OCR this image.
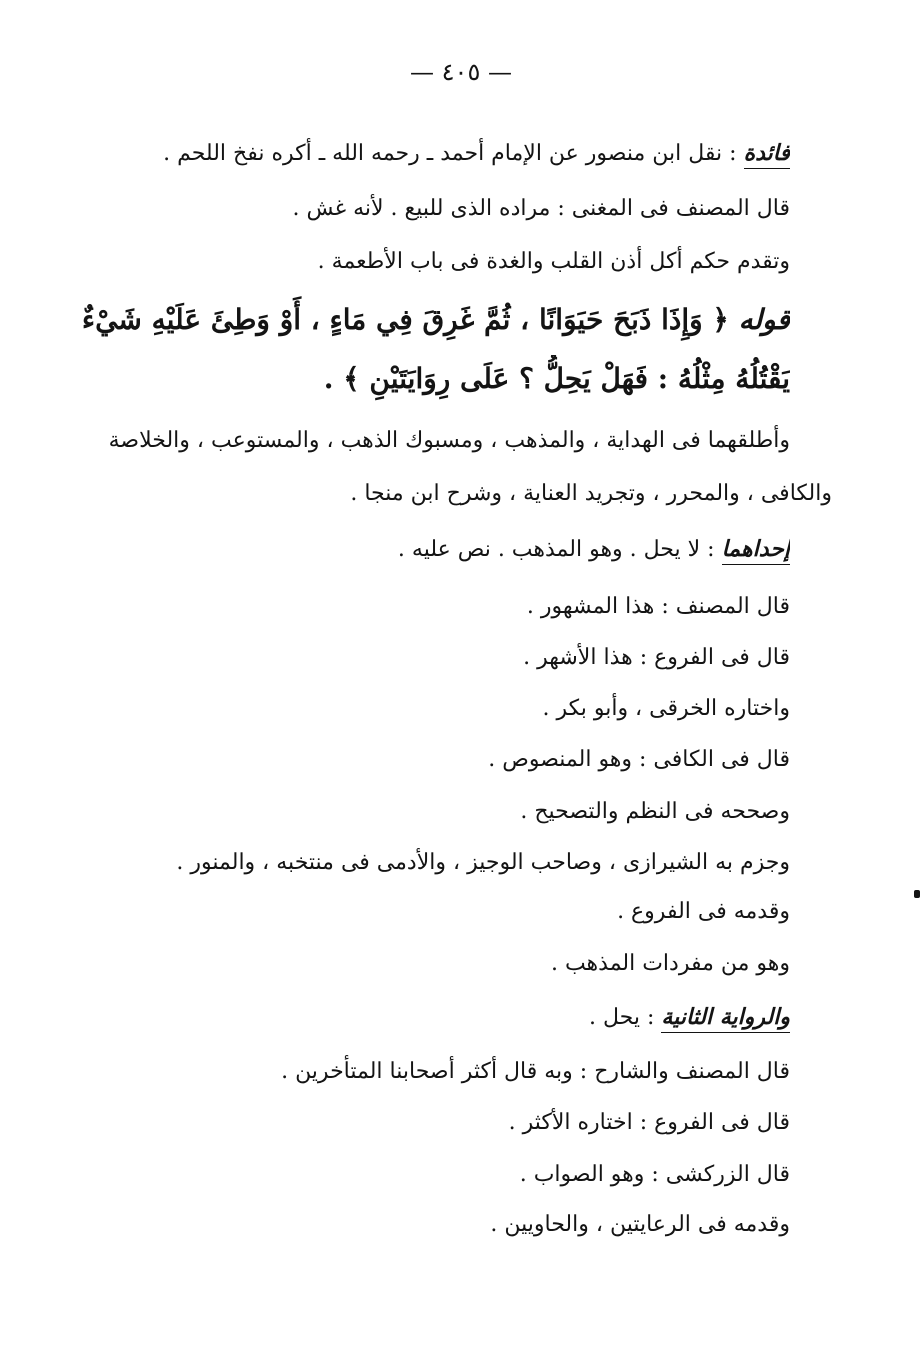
— ٤٠٥ —
فائدة : نقل ابن منصور عن الإمام أحمد ـ رحمه الله ـ أكره نفخ اللحم .
قال المصنف فى المغنى : مراده الذى للبيع . لأنه غش .
وتقدم حكم أكل أذن القلب والغدة فى باب الأطعمة .
قوله ﴿ وَإِذَا ذَبَحَ حَيَوَانًا ، ثُمَّ غَرِقَ فِي مَاءٍ ، أَوْ وَطِئَ عَلَيْهِ شَيْءٌ
يَقْتُلُهُ مِثْلُهُ : فَهَلْ يَحِلُّ ؟ عَلَى رِوَايَتَيْنِ ﴾ .
وأطلقهما فى الهداية ، والمذهب ، ومسبوك الذهب ، والمستوعب ، والخلاصة
والكافى ، والمحرر ، وتجريد العناية ، وشرح ابن منجا .
إحداهما : لا يحل . وهو المذهب . نص عليه .
قال المصنف : هذا المشهور .
قال فى الفروع : هذا الأشهر .
واختاره الخرقى ، وأبو بكر .
قال فى الكافى : وهو المنصوص .
وصححه فى النظم والتصحيح .
وجزم به الشيرازى ، وصاحب الوجيز ، والأدمى فى منتخبه ، والمنور .
وقدمه فى الفروع .
وهو من مفردات المذهب .
والرواية الثانية : يحل .
قال المصنف والشارح : وبه قال أكثر أصحابنا المتأخرين .
قال فى الفروع : اختاره الأكثر .
قال الزركشى : وهو الصواب .
وقدمه فى الرعايتين ، والحاويين .
